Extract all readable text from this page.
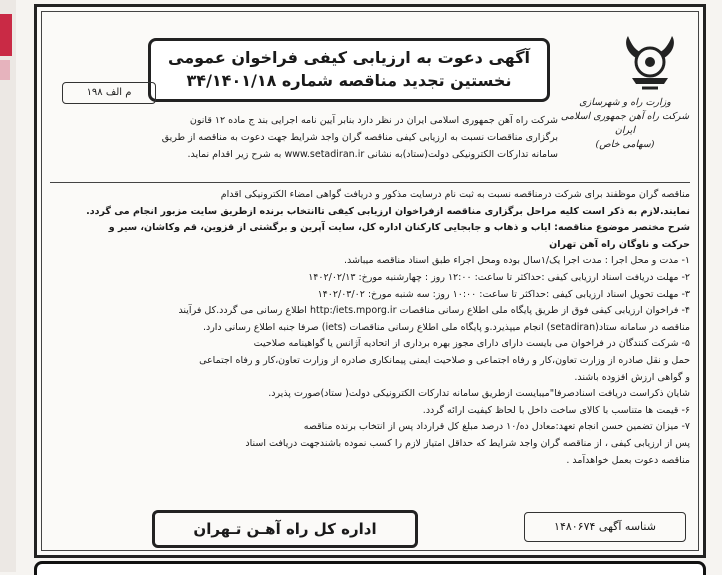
وزارت راه و شهرسازی
شرکت راه آهن جمهوری اسلامی ایران
(سهامی خاص)
آگهی دعوت به ارزیابی کیفی فراخوان عمومی
نخستین تجدید مناقصه شماره ۳۴/۱۴۰۱/۱۸
م الف ۱۹۸
شرکت راه آهن جمهوری اسلامی ایران در نظر دارد بنابر آیین نامه اجرایی بند ج ماده ۱۲ قانون
برگزاری مناقصات نسبت به ارزیابی کیفی مناقصه گران واجد شرایط جهت دعوت به مناقصه از طریق
سامانه تدارکات الکترونیکی دولت(ستاد)به نشانی www.setadiran.ir به شرح زیر اقدام نماید.
مناقصه گران موظفند برای شرکت درمناقصه نسبت به ثبت نام درسایت مذکور و دریافت گواهی امضاء الکترونیکی اقدام
نمایند.لازم به ذکر است کلیه مراحل برگزاری مناقصه ازفراخوان ارزیابی کیفی تاانتخاب برنده ازطریق سایت مزبور انجام می گردد.
شرح مختصر موضوع مناقصه: ایاب و ذهاب و جابجایی کارکنان اداره کل، سایت آپرین و برگشتی از قزوین، قم وکاشان، سیر و
حرکت و ناوگان راه آهن تهران
۱- مدت و محل اجرا : مدت اجرا یک/۱سال بوده ومحل اجراء طبق اسناد مناقصه میباشد.
۲- مهلت دریافت اسناد ارزیابی کیفی :حداکثر تا ساعت: ۱۲:۰۰ روز : چهارشنبه مورخ: ۱۴۰۲/۰۲/۱۳
۳- مهلت تحویل اسناد ارزیابی کیفی :حداکثر تا ساعت: ۱۰:۰۰ روز: سه شنبه مورخ: ۱۴۰۲/۰۳/۰۲
۴- فراخوان ارزیابی کیفی فوق از طریق پایگاه ملی اطلاع رسانی مناقصات http:/iets.mporg.ir اطلاع رسانی می گردد.کل فرآیند
مناقصه در سامانه ستاد(setadiran) انجام میپذیرد.و پایگاه ملی اطلاع رسانی مناقصات (iets) صرفا جنبه اطلاع رسانی دارد.
۵- شرکت کنندگان در فراخوان می بایست دارای دارای مجوز بهره برداری از اتحادیه آژانس یا گواهینامه صلاحیت
حمل و نقل صادره از وزارت تعاون،کار و رفاه اجتماعی و صلاحیت ایمنی پیمانکاری صادره از وزارت تعاون،کار و رفاه اجتماعی
و گواهی ارزش افزوده باشند.
شایان ذکراست دریافت اسنادصرفا"میبایست ازطریق سامانه تدارکات الکترونیکی دولت( ستاد)صورت پذیرد.
۶- قیمت ها متناسب با کالای ساخت داخل با لحاظ کیفیت ارائه گردد.
۷- میزان تضمین حسن انجام تعهد:معادل ده/۱۰ درصد مبلغ کل قرارداد پس از انتخاب برنده مناقصه
پس از ارزیابی کیفی ، از مناقصه گران واجد شرایط که حداقل امتیاز لازم را کسب نموده باشندجهت دریافت اسناد
مناقصه دعوت بعمل خواهدآمد .
شناسه آگهی ۱۴۸۰۶۷۴
اداره کل راه آهـن تـهران
